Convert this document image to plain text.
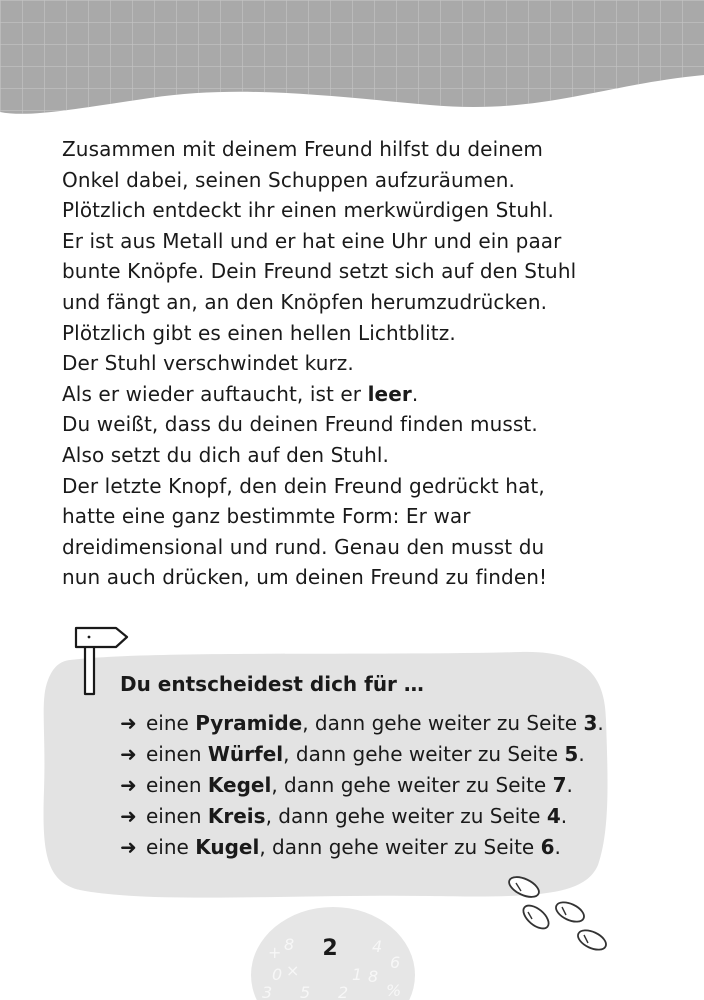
Zusammen mit deinem Freund hilfst du deinem
Onkel dabei, seinen Schuppen aufzuräumen.
Plötzlich entdeckt ihr einen merkwürdigen Stuhl.
Er ist aus Metall und er hat eine Uhr und ein paar
bunte Knöpfe. Dein Freund setzt sich auf den Stuhl
und fängt an, an den Knöpfen herumzudrücken.
Plötzlich gibt es einen hellen Lichtblitz.
Der Stuhl verschwindet kurz.
Als er wieder auftaucht, ist er leer.
Du weißt, dass du deinen Freund finden musst.
Also setzt du dich auf den Stuhl.
Der letzte Knopf, den dein Freund gedrückt hat,
hatte eine ganz bestimmte Form: Er war
dreidimensional und rund. Genau den musst du
nun auch drücken, um deinen Freund zu finden!
Du entscheidest dich für …
➜ eine Pyramide, dann gehe weiter zu Seite 3.
➜ einen Würfel, dann gehe weiter zu Seite 5.
➜ einen Kegel, dann gehe weiter zu Seite 7.
➜ einen Kreis, dann gehe weiter zu Seite 4.
➜ eine Kugel, dann gehe weiter zu Seite 6.
+ 8	4
6
0 ×	1 8
3 5 2 %
2
